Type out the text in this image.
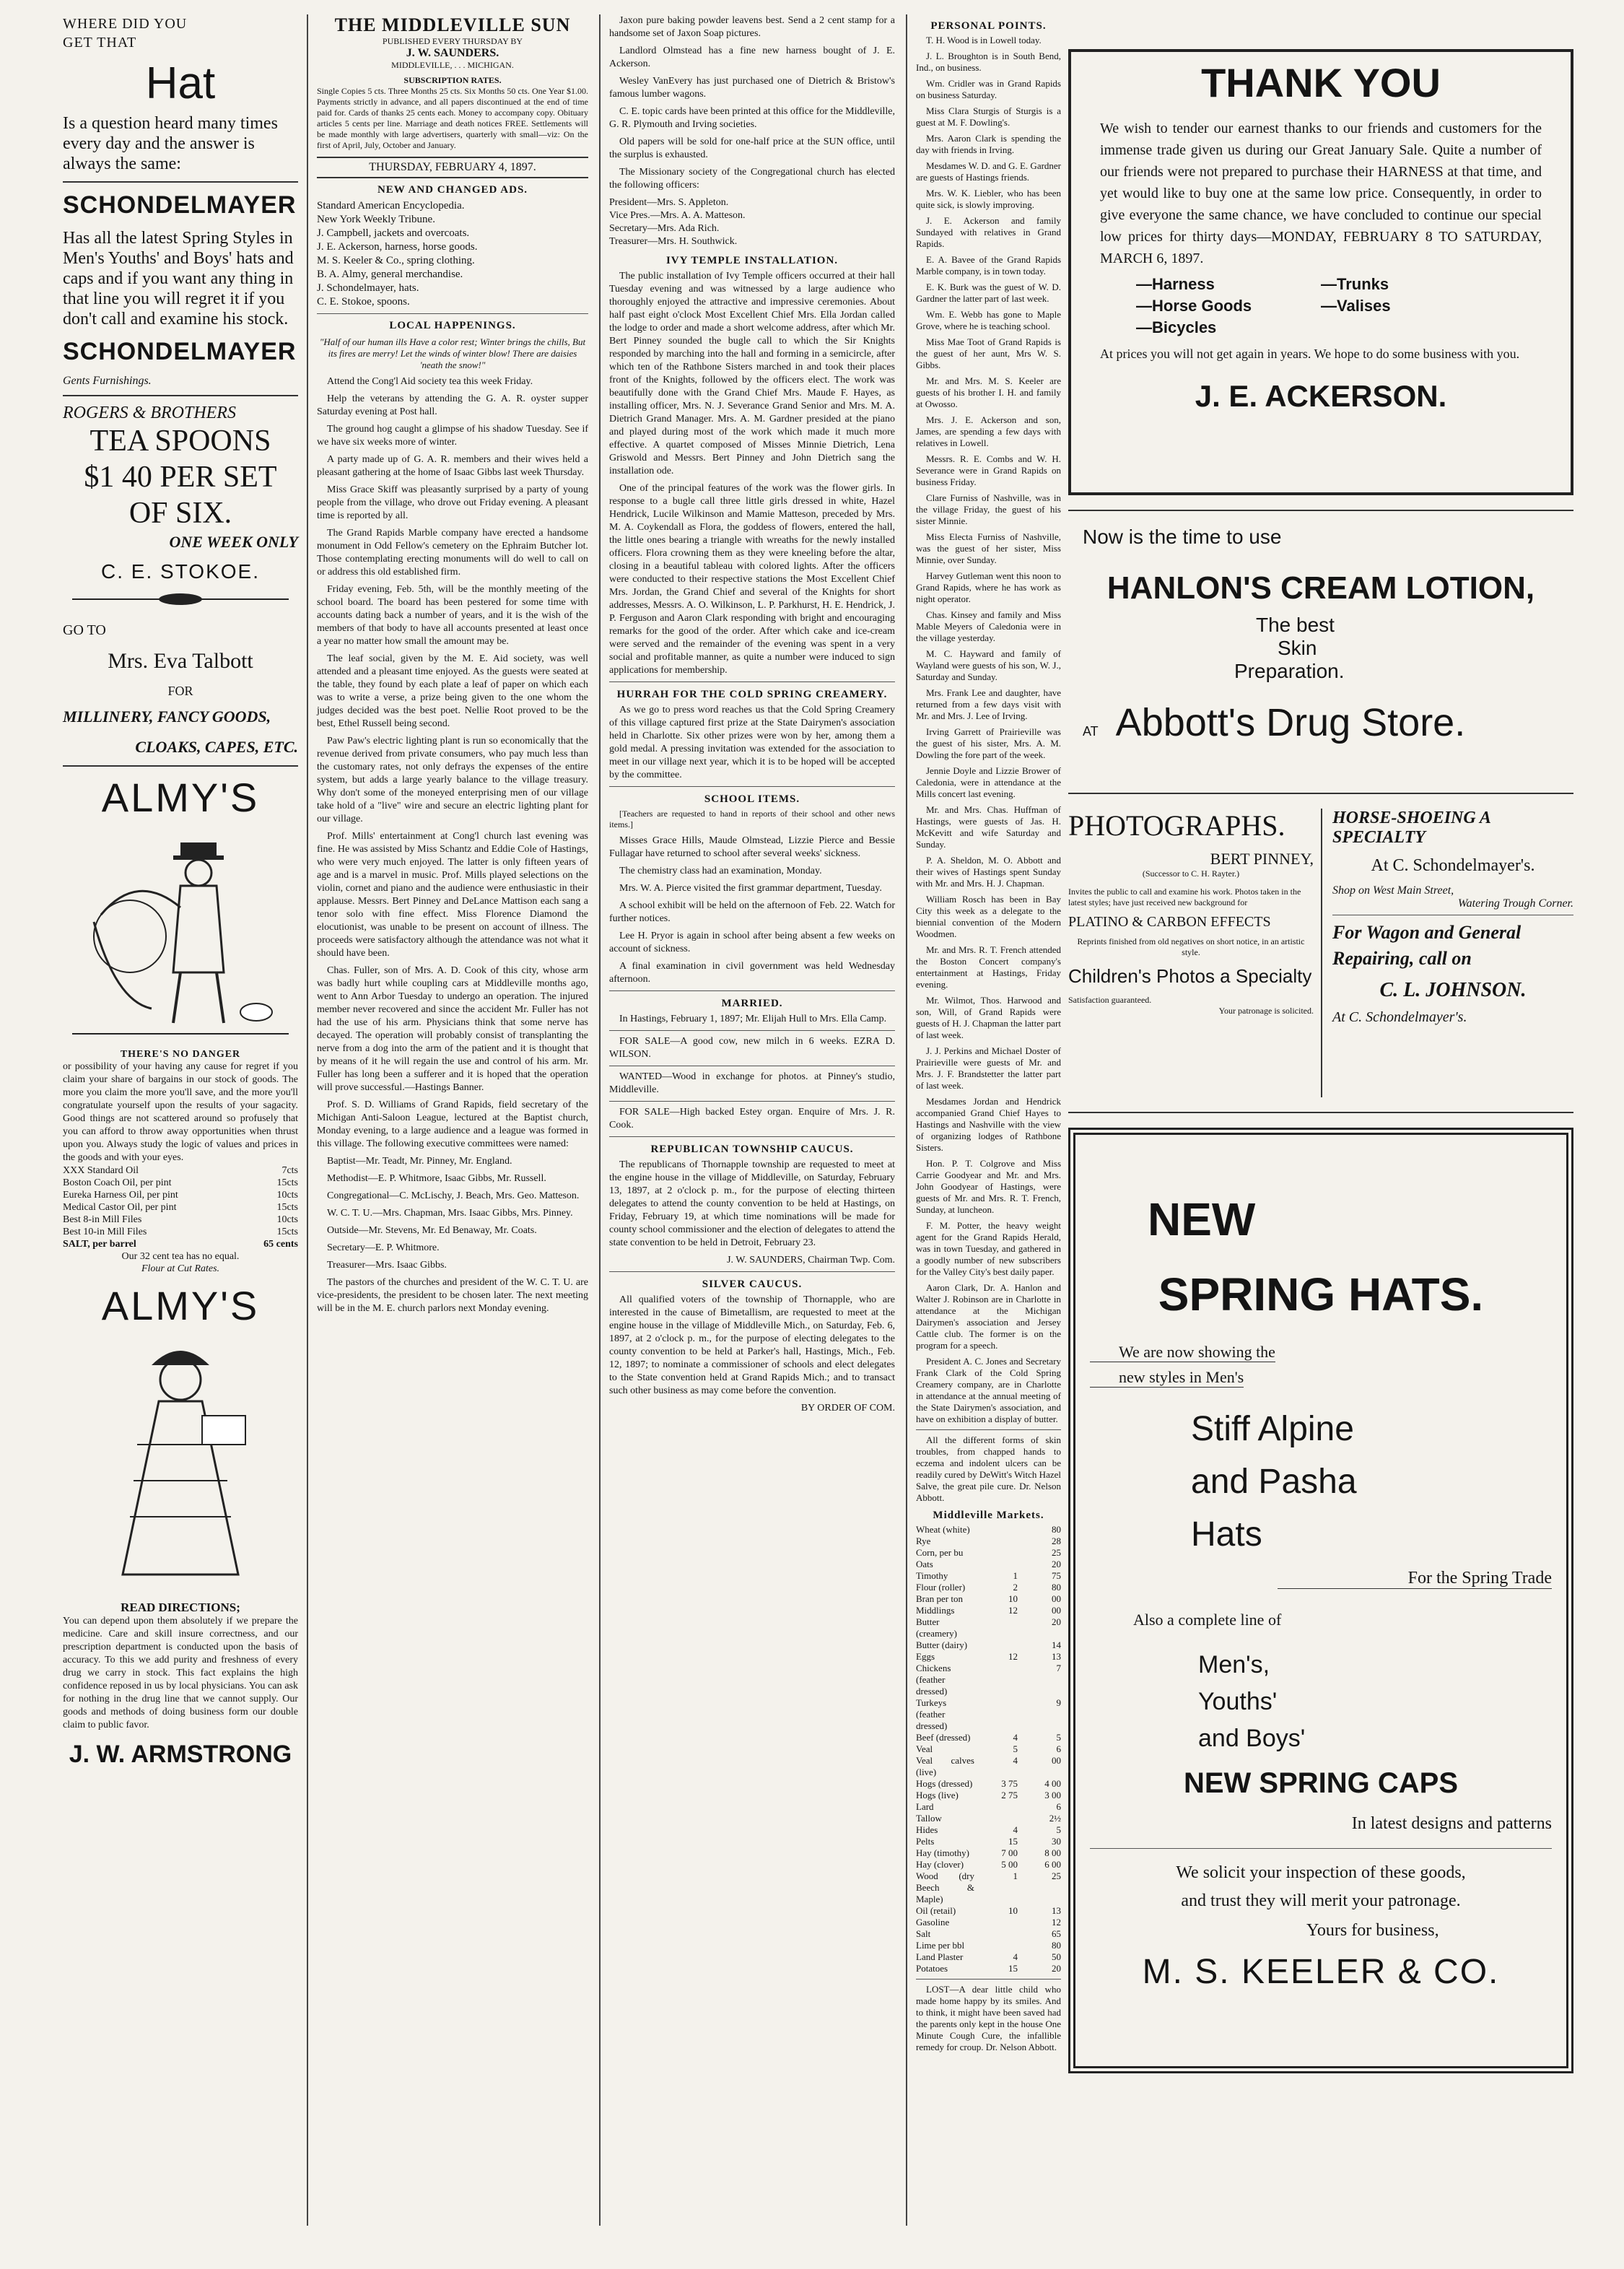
WHERE DID YOU
GET THAT
Hat
Is a question heard many times every day and the answer is always the same:
SCHONDELMAYER
Has all the latest Spring Styles in Men's Youths' and Boys' hats and caps and if you want any thing in that line you will regret it if you don't call and examine his stock.
SCHONDELMAYER
Gents Furnishings.
ROGERS & BROTHERS
TEA SPOONS
$1 40 PER SET
OF SIX.
ONE WEEK ONLY
C. E. STOKOE.
GO TO
Mrs. Eva Talbott
FOR
MILLINERY, FANCY GOODS,
CLOAKS, CAPES, ETC.
ALMY'S
THERE'S NO DANGER
or possibility of your having any cause for regret if you claim your share of bargains in our stock of goods. The more you claim the more you'll save, and the more you'll congratulate yourself upon the results of your sagacity. Good things are not scattered around so profusely that you can afford to throw away opportunities when thrust upon you. Always study the logic of values and prices in the goods and with your eyes.
XXX Standard Oil	7cts
Boston Coach Oil, per pint	15cts
Eureka Harness Oil, per pint	10cts
Medical Castor Oil, per pint	15cts
Best 8-in Mill Files	10cts
Best 10-in Mill Files	15cts
SALT, per barrel	65 cents
Our 32 cent tea has no equal.
Flour at Cut Rates.
ALMY'S
READ DIRECTIONS;
You can depend upon them absolutely if we prepare the medicine. Care and skill insure correctness, and our prescription department is conducted upon the basis of accuracy. To this we add purity and freshness of every drug we carry in stock. This fact explains the high confidence reposed in us by local physicians. You can ask for nothing in the drug line that we cannot supply. Our goods and methods of doing business form our double claim to public favor.
J. W. ARMSTRONG
THE MIDDLEVILLE SUN
PUBLISHED EVERY THURSDAY BY
J. W. SAUNDERS.
MIDDLEVILLE, . . . MICHIGAN.
SUBSCRIPTION RATES.
Single Copies 5 cts. Three Months 25 cts. Six Months 50 cts. One Year $1.00. Payments strictly in advance, and all papers discontinued at the end of time paid for. Cards of thanks 25 cents each. Money to accompany copy. Obituary articles 5 cents per line. Marriage and death notices FREE. Settlements will be made monthly with large advertisers, quarterly with small—viz: On the first of April, July, October and January.
THURSDAY, FEBRUARY 4, 1897.
NEW AND CHANGED ADS.
Standard American Encyclopedia.
New York Weekly Tribune.
J. Campbell, jackets and overcoats.
J. E. Ackerson, harness, horse goods.
M. S. Keeler & Co., spring clothing.
B. A. Almy, general merchandise.
J. Schondelmayer, hats.
C. E. Stokoe, spoons.
LOCAL HAPPENINGS.
"Half of our human ills Have a color rest; Winter brings the chills, But its fires are merry! Let the winds of winter blow! There are daisies 'neath the snow!"

Attend the Cong'l Aid society tea this week Friday.

Help the veterans by attending the G. A. R. oyster supper Saturday evening at Post hall.

The ground hog caught a glimpse of his shadow Tuesday. See if we have six weeks more of winter.

A party made up of G. A. R. members and their wives held a pleasant gathering at the home of Isaac Gibbs last week Thursday.

Miss Grace Skiff was pleasantly surprised by a party of young people from the village, who drove out Friday evening. A pleasant time is reported by all.

The Grand Rapids Marble company have erected a handsome monument in Odd Fellow's cemetery on the Ephraim Butcher lot. Those contemplating erecting monuments will do well to call on or address this old established firm.

Friday evening, Feb. 5th, will be the monthly meeting of the school board. The board has been pestered for some time with accounts dating back a number of years, and it is the wish of the members of that body to have all accounts presented at least once a year no matter how small the amount may be.

The leaf social, given by the M. E. Aid society, was well attended and a pleasant time enjoyed. As the guests were seated at the table, they found by each plate a leaf of paper on which each was to write a verse, a prize being given to the one whom the judges decided was the best poet. Nellie Root proved to be the best, Ethel Russell being second.

Paw Paw's electric lighting plant is run so economically that the revenue derived from private consumers, who pay much less than the customary rates, not only defrays the expenses of the entire system, but adds a large yearly balance to the village treasury. Why don't some of the moneyed enterprising men of our village take hold of a "live" wire and secure an electric lighting plant for our village.

Prof. Mills' entertainment at Cong'l church last evening was fine. He was assisted by Miss Schantz and Eddie Cole of Hastings, who were very much enjoyed. The latter is only fifteen years of age and is a marvel in music. Prof. Mills played selections on the violin, cornet and piano and the audience were enthusiastic in their applause. Messrs. Bert Pinney and DeLance Mattison each sang a tenor solo with fine effect. Miss Florence Diamond the elocutionist, was unable to be present on account of illness. The proceeds were satisfactory although the attendance was not what it should have been.

Chas. Fuller, son of Mrs. A. D. Cook of this city, whose arm was badly hurt while coupling cars at Middleville months ago, went to Ann Arbor Tuesday to undergo an operation. The injured member never recovered and since the accident Mr. Fuller has not had the use of his arm. Physicians think that some nerve has decayed. The operation will probably consist of transplanting the nerve from a dog into the arm of the patient and it is thought that by means of it he will regain the use and control of his arm. Mr. Fuller has long been a sufferer and it is hoped that the operation will prove successful.—Hastings Banner.

Prof. S. D. Williams of Grand Rapids, field secretary of the Michigan Anti-Saloon League, lectured at the Baptist church, Monday evening, to a large audience and a league was formed in this village. The following executive committees were named:

Baptist—Mr. Teadt, Mr. Pinney, Mr. England.

Methodist—E. P. Whitmore, Isaac Gibbs, Mr. Russell.

Congregational—C. McLischy, J. Beach, Mrs. Geo. Matteson.

W. C. T. U.—Mrs. Chapman, Mrs. Isaac Gibbs, Mrs. Pinney.

Outside—Mr. Stevens, Mr. Ed Benaway, Mr. Coats.

Secretary—E. P. Whitmore.

Treasurer—Mrs. Isaac Gibbs.

The pastors of the churches and president of the W. C. T. U. are vice-presidents, the president to be chosen later. The next meeting will be in the M. E. church parlors next Monday evening.

Jaxon pure baking powder leavens best. Send a 2 cent stamp for a handsome set of Jaxon Soap pictures.

Landlord Olmstead has a fine new harness bought of J. E. Ackerson.

Wesley VanEvery has just purchased one of Dietrich & Bristow's famous lumber wagons.

C. E. topic cards have been printed at this office for the Middleville, G. R. Plymouth and Irving societies.

Old papers will be sold for one-half price at the SUN office, until the surplus is exhausted.

The Missionary society of the Congregational church has elected the following officers:

President—Mrs. S. Appleton.
Vice Pres.—Mrs. A. A. Matteson.
Secretary—Mrs. Ada Rich.
Treasurer—Mrs. H. Southwick.
IVY TEMPLE INSTALLATION.

The public installation of Ivy Temple officers occurred at their hall Tuesday evening and was witnessed by a large audience who thoroughly enjoyed the attractive and impressive ceremonies. About half past eight o'clock Most Excellent Chief Mrs. Ella Jordan called the lodge to order and made a short welcome address, after which Mr. Bert Pinney sounded the bugle call to which the Sir Knights responded by marching into the hall and forming in a semicircle, after which ten of the Rathbone Sisters marched in and took their places front of the Knights, followed by the officers elect. The work was beautifully done with the Grand Chief Mrs. Maude F. Hayes, as installing officer, Mrs. N. J. Severance Grand Senior and Mrs. M. A. Dietrich Grand Manager. Mrs. A. M. Gardner presided at the piano and played during most of the work which made it much more effective. A quartet composed of Misses Minnie Dietrich, Lena Griswold and Messrs. Bert Pinney and John Dietrich sang the installation ode.

One of the principal features of the work was the flower girls. In response to a bugle call three little girls dressed in white, Hazel Hendrick, Lucile Wilkinson and Mamie Matteson, preceded by Mrs. M. A. Coykendall as Flora, the goddess of flowers, entered the hall, the little ones bearing a triangle with wreaths for the newly installed officers. Flora crowning them as they were kneeling before the altar, closing in a beautiful tableau with colored lights. After the officers were conducted to their respective stations the Most Excellent Chief Mrs. Jordan, the Grand Chief and several of the Knights for short addresses, Messrs. A. O. Wilkinson, L. P. Parkhurst, H. E. Hendrick, J. P. Ferguson and Aaron Clark responding with bright and encouraging remarks for the good of the order. After which cake and ice-cream were served and the remainder of the evening was spent in a very social and profitable manner, as quite a number were induced to sign applications for membership.

HURRAH FOR THE COLD SPRING CREAMERY.

As we go to press word reaches us that the Cold Spring Creamery of this village captured first prize at the State Dairymen's association held in Charlotte. Six other prizes were won by her, among them a gold medal. A pressing invitation was extended for the association to meet in our village next year, which it is to be hoped will be accepted by the committee.

SCHOOL ITEMS.

[Teachers are requested to hand in reports of their school and other news items.]

Misses Grace Hills, Maude Olmstead, Lizzie Pierce and Bessie Fullagar have returned to school after several weeks' sickness.

The chemistry class had an examination, Monday.

Mrs. W. A. Pierce visited the first grammar department, Tuesday.

A school exhibit will be held on the afternoon of Feb. 22. Watch for further notices.

Lee H. Pryor is again in school after being absent a few weeks on account of sickness.

A final examination in civil government was held Wednesday afternoon.

MARRIED.

In Hastings, February 1, 1897; Mr. Elijah Hull to Mrs. Ella Camp.

FOR SALE—A good cow, new milch in 6 weeks. EZRA D. WILSON.

WANTED—Wood in exchange for photos. at Pinney's studio, Middleville.

FOR SALE—High backed Estey organ. Enquire of Mrs. J. R. Cook.

REPUBLICAN TOWNSHIP CAUCUS.

The republicans of Thornapple township are requested to meet at the engine house in the village of Middleville, on Saturday, February 13, 1897, at 2 o'clock p. m., for the purpose of electing thirteen delegates to attend the county convention to be held at Hastings, on Friday, February 19, at which time nominations will be made for county school commissioner and the election of delegates to attend the state convention to be held in Detroit, February 23.

J. W. SAUNDERS, Chairman Twp. Com.
SILVER CAUCUS.

All qualified voters of the township of Thornapple, who are interested in the cause of Bimetallism, are requested to meet at the engine house in the village of Middleville Mich., on Saturday, Feb. 6, 1897, at 2 o'clock p. m., for the purpose of electing delegates to the county convention to be held at Parker's hall, Hastings, Mich., Feb. 12, 1897; to nominate a commissioner of schools and elect delegates to the State convention held at Grand Rapids Mich.; and to transact such other business as may come before the convention.

BY ORDER OF COM.
PERSONAL POINTS.

T. H. Wood is in Lowell today.

J. L. Broughton is in South Bend, Ind., on business.

Wm. Cridler was in Grand Rapids on business Saturday.

Miss Clara Sturgis of Sturgis is a guest at M. F. Dowling's.

Mrs. Aaron Clark is spending the day with friends in Irving.

Mesdames W. D. and G. E. Gardner are guests of Hastings friends.

Mrs. W. K. Liebler, who has been quite sick, is slowly improving.

J. E. Ackerson and family Sundayed with relatives in Grand Rapids.

E. A. Bavee of the Grand Rapids Marble company, is in town today.

E. K. Burk was the guest of W. D. Gardner the latter part of last week.

Wm. E. Webb has gone to Maple Grove, where he is teaching school.

Miss Mae Toot of Grand Rapids is the guest of her aunt, Mrs W. S. Gibbs.

Mr. and Mrs. M. S. Keeler are guests of his brother I. H. and family at Owosso.

Mrs. J. E. Ackerson and son, James, are spending a few days with relatives in Lowell.

Messrs. R. E. Combs and W. H. Severance were in Grand Rapids on business Friday.

Clare Furniss of Nashville, was in the village Friday, the guest of his sister Minnie.

Miss Electa Furniss of Nashville, was the guest of her sister, Miss Minnie, over Sunday.

Harvey Gutleman went this noon to Grand Rapids, where he has work as night operator.

Chas. Kinsey and family and Miss Mable Meyers of Caledonia were in the village yesterday.

M. C. Hayward and family of Wayland were guests of his son, W. J., Saturday and Sunday.

Mrs. Frank Lee and daughter, have returned from a few days visit with Mr. and Mrs. J. Lee of Irving.

Irving Garrett of Prairieville was the guest of his sister, Mrs. A. M. Dowling the fore part of the week.

Jennie Doyle and Lizzie Brower of Caledonia, were in attendance at the Mills concert last evening.

Mr. and Mrs. Chas. Huffman of Hastings, were guests of Jas. H. McKevitt and wife Saturday and Sunday.

P. A. Sheldon, M. O. Abbott and their wives of Hastings spent Sunday with Mr. and Mrs. H. J. Chapman.

William Rosch has been in Bay City this week as a delegate to the biennial convention of the Modern Woodmen.

Mr. and Mrs. R. T. French attended the Boston Concert company's entertainment at Hastings, Friday evening.

Mr. Wilmot, Thos. Harwood and son, Will, of Grand Rapids were guests of H. J. Chapman the latter part of last week.

J. J. Perkins and Michael Doster of Prairieville were guests of Mr. and Mrs. J. F. Brandstetter the latter part of last week.

Mesdames Jordan and Hendrick accompanied Grand Chief Hayes to Hastings and Nashville with the view of organizing lodges of Rathbone Sisters.

Hon. P. T. Colgrove and Miss Carrie Goodyear and Mr. and Mrs. John Goodyear of Hastings, were guests of Mr. and Mrs. R. T. French, Sunday, at luncheon.

F. M. Potter, the heavy weight agent for the Grand Rapids Herald, was in town Tuesday, and gathered in a goodly number of new subscribers for the Valley City's best daily paper.

Aaron Clark, Dr. A. Hanlon and Walter J. Robinson are in Charlotte in attendance at the Michigan Dairymen's association and Jersey Cattle club. The former is on the program for a speech.

President A. C. Jones and Secretary Frank Clark of the Cold Spring Creamery company, are in Charlotte in attendance at the annual meeting of the State Dairymen's association, and have on exhibition a display of butter.

All the different forms of skin troubles, from chapped hands to eczema and indolent ulcers can be readily cured by DeWitt's Witch Hazel Salve, the great pile cure. Dr. Nelson Abbott.

Middleville Markets.
Wheat (white)	80
Rye	28
Corn, per bu	25
Oats	20
Timothy	1	75
Flour (roller)	2	80
Bran per ton	10	00
Middlings	12	00
Butter (creamery)
20
Butter (dairy)	14
Eggs	12	13
Chickens (feather dressed)
7
Turkeys (feather dressed)
9
Beef (dressed)	4	5
Veal	5	6
Veal calves (live)
4	00
Hogs (dressed)	3 75	4 00
Hogs (live)	2 75	3 00
Lard	6
Tallow	2½
Hides	4	5
Pelts	15	30
Hay (timothy)	7 00	8 00
Hay (clover)	5 00	6 00
Wood (dry Beech & Maple)
1	25
Oil (retail)	10	13
Gasoline	12
Salt	65
Lime per bbl	80
Land Plaster	4	50
Potatoes	15	20

LOST—A dear little child who made home happy by its smiles. And to think, it might have been saved had the parents only kept in the house One Minute Cough Cure, the infallible remedy for croup. Dr. Nelson Abbott.

THANK YOU
We wish to tender our earnest thanks to our friends and customers for the immense trade given us during our Great January Sale. Quite a number of our friends were not prepared to purchase their HARNESS at that time, and yet would like to buy one at the same low price. Consequently, in order to give everyone the same chance, we have concluded to continue our special low prices for thirty days—MONDAY, FEBRUARY 8 TO SATURDAY, MARCH 6, 1897.
—Harness	—Trunks
—Horse Goods	—Valises
—Bicycles
At prices you will not get again in years. We hope to do some business with you.
J. E. ACKERSON.
Now is the time to use
HANLON'S CREAM LOTION,
The best
Skin
Preparation.
AT Abbott's Drug Store.
PHOTOGRAPHS.
BERT PINNEY,
(Successor to C. H. Rayter.)
Invites the public to call and examine his work. Photos taken in the latest styles; have just received new background for
PLATINO & CARBON EFFECTS
Reprints finished from old negatives on short notice, in an artistic style.
Children's Photos a Specialty
Satisfaction guaranteed.
Your patronage is solicited.
HORSE-SHOEING A SPECIALTY
At C. Schondelmayer's.
Shop on West Main Street,
Watering Trough Corner.
For Wagon and General Repairing, call on
C. L. JOHNSON.
At C. Schondelmayer's.
NEW
SPRING HATS.
We are now showing the
new styles in Men's
Stiff Alpine
and Pasha
Hats
For the Spring Trade
Also a complete line of
Men's,
Youths'
and Boys'
NEW SPRING CAPS
In latest designs and patterns
We solicit your inspection of these goods,
and trust they will merit your patronage.
Yours for business,
M. S. KEELER & CO.
